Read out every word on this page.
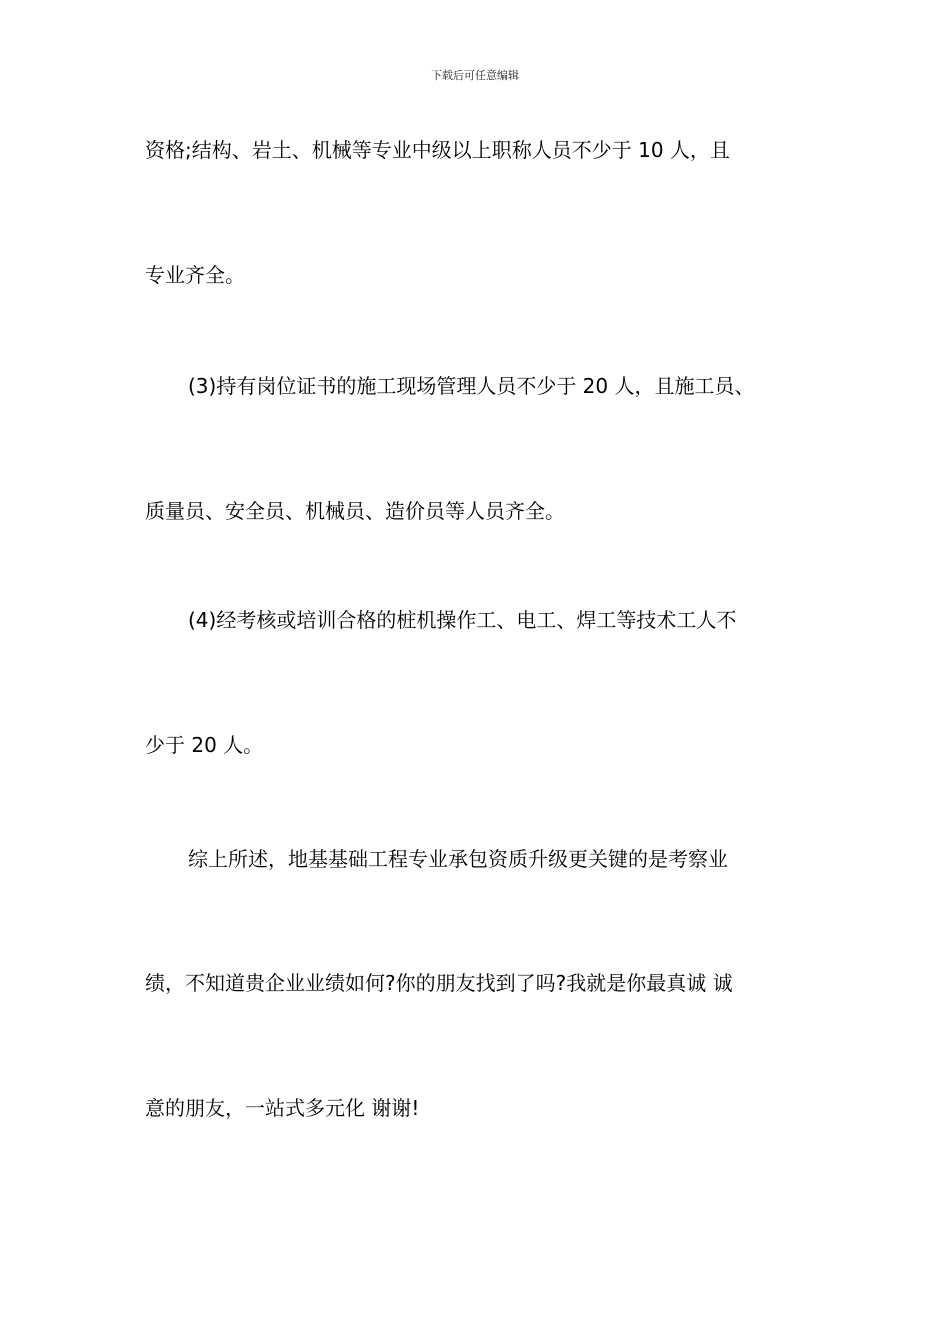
下载后可任意编辑
资格;结构、岩土、机械等专业中级以上职称人员不少于 10 人，且
专业齐全。
(3)持有岗位证书的施工现场管理人员不少于 20 人，且施工员、
质量员、安全员、机械员、造价员等人员齐全。
(4)经考核或培训合格的桩机操作工、电工、焊工等技术工人不
少于 20 人。
综上所述，地基基础工程专业承包资质升级更关键的是考察业
绩，不知道贵企业业绩如何?你的朋友找到了吗?我就是你最真诚 诚
意的朋友，一站式多元化 谢谢!
